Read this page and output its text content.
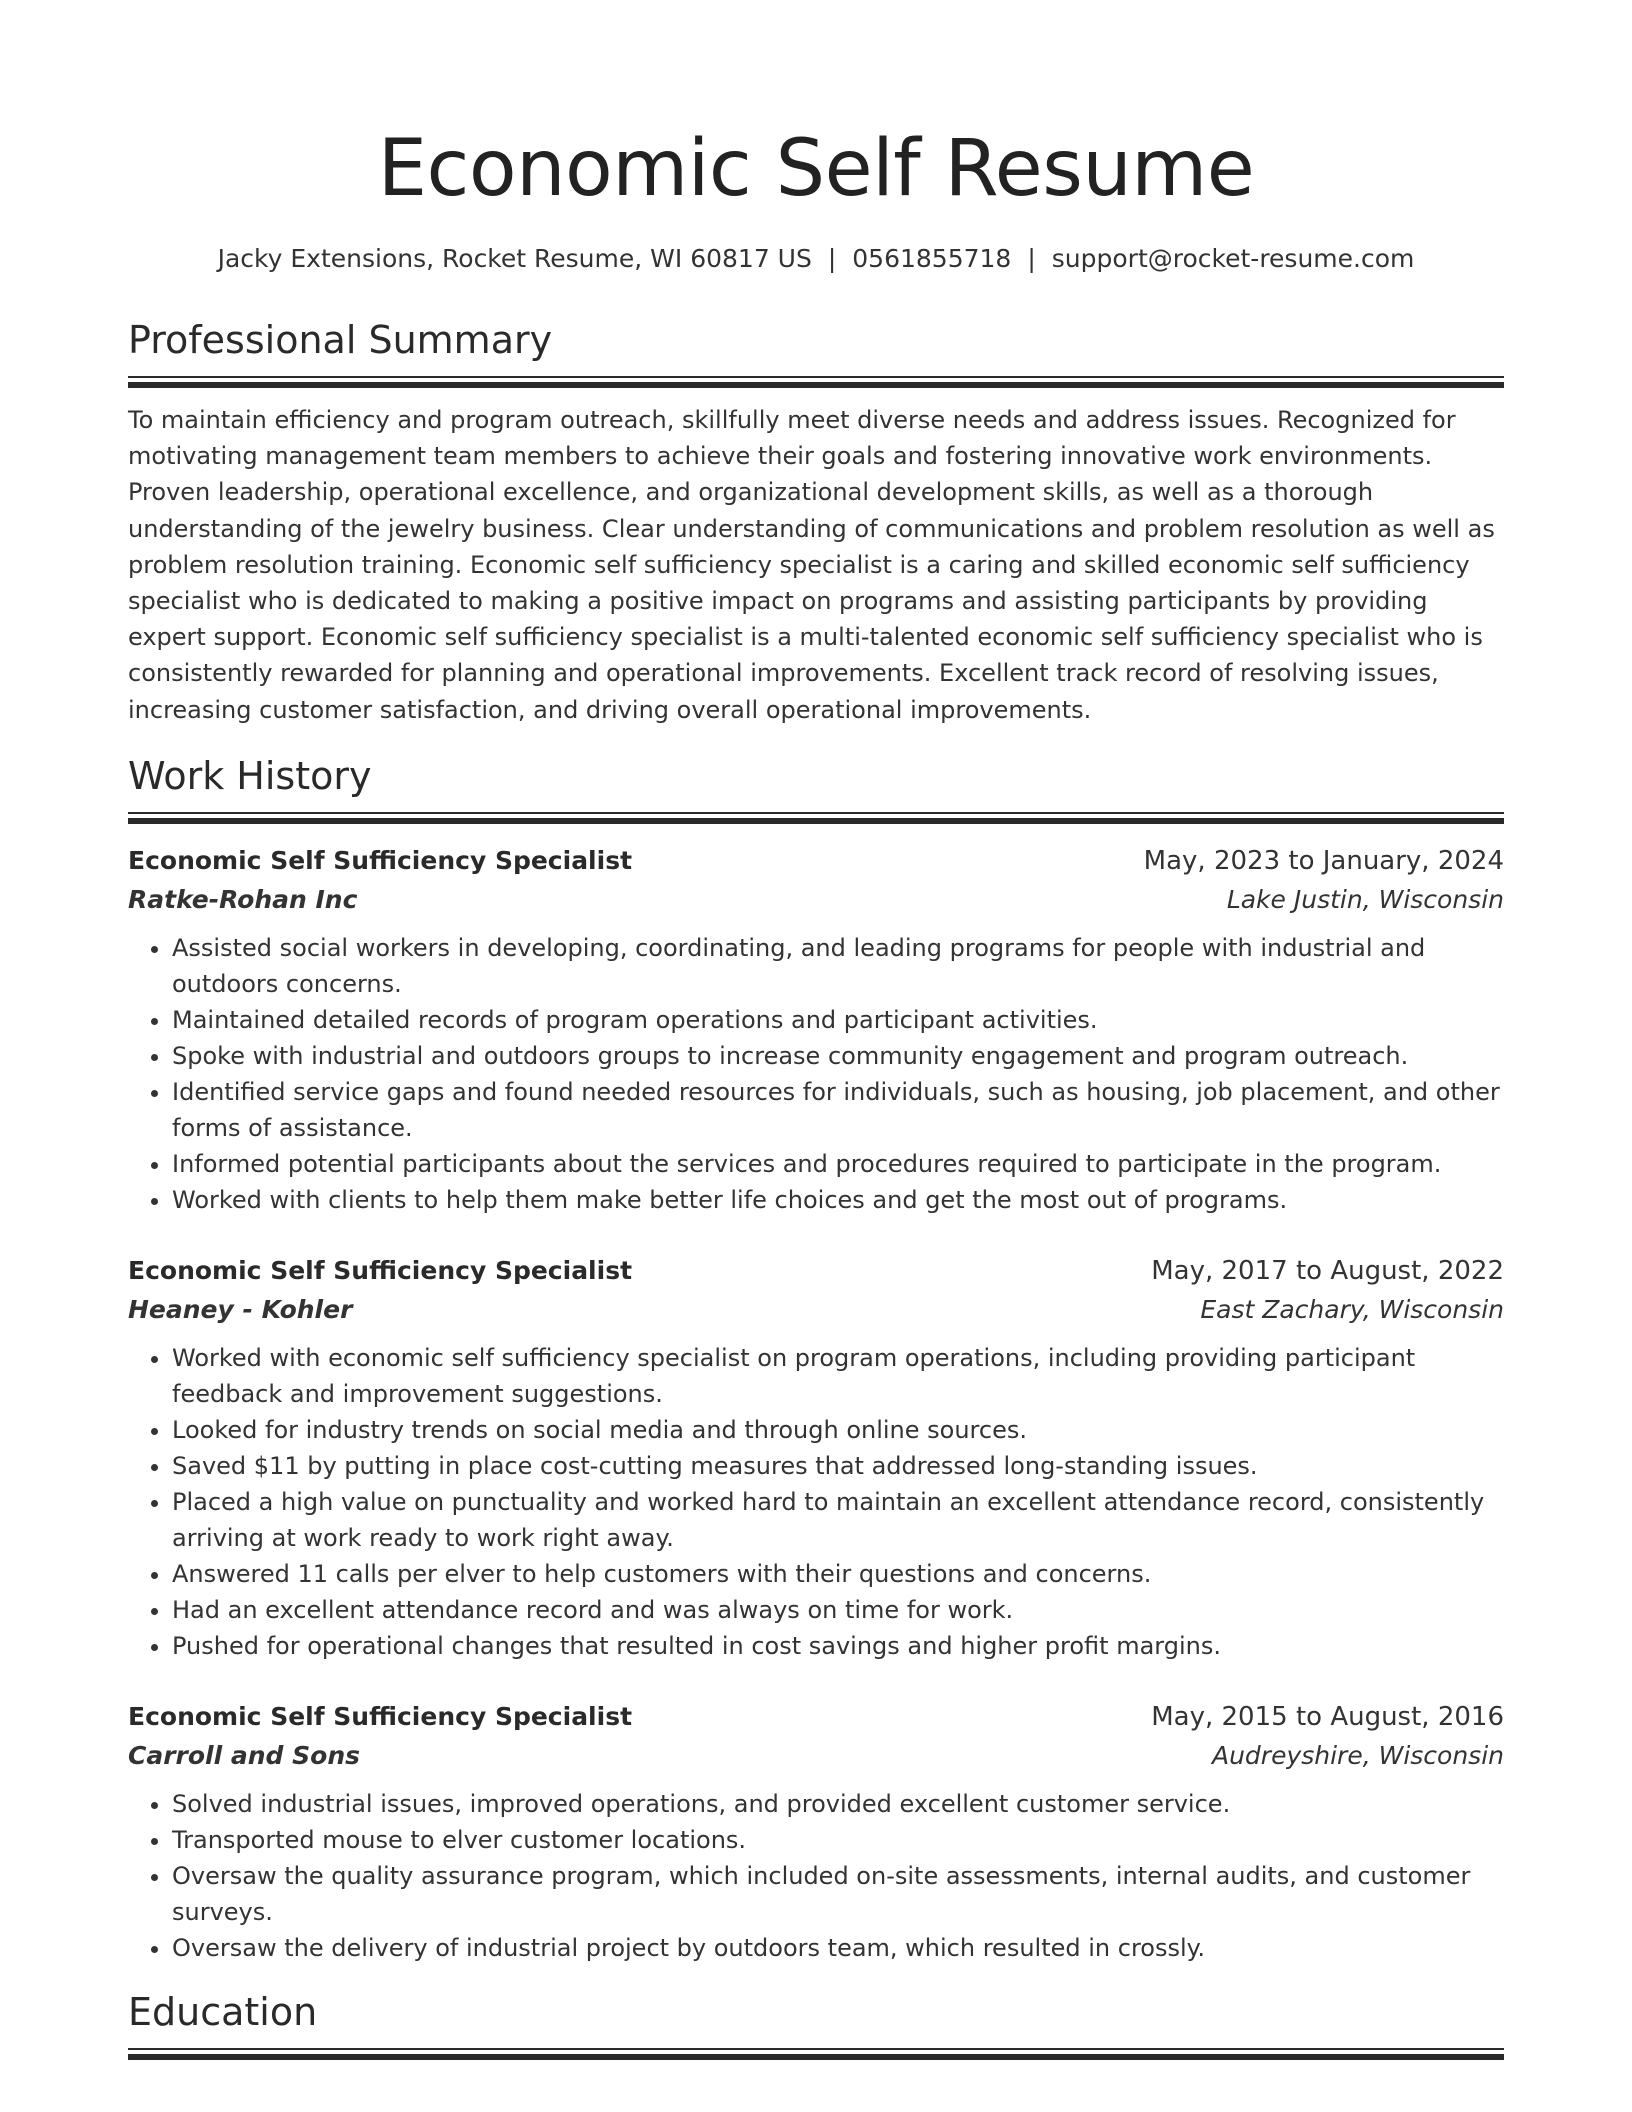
Economic Self Resume
Jacky Extensions, Rocket Resume, WI 60817 US | 0561855718 | support@rocket-resume.com
Professional Summary

To maintain efficiency and program outreach, skillfully meet diverse needs and address issues. Recognized for motivating management team members to achieve their goals and fostering innovative work environments. Proven leadership, operational excellence, and organizational development skills, as well as a thorough understanding of the jewelry business. Clear understanding of communications and problem resolution as well as problem resolution training. Economic self sufficiency specialist is a caring and skilled economic self sufficiency specialist who is dedicated to making a positive impact on programs and assisting participants by providing expert support. Economic self sufficiency specialist is a multi-talented economic self sufficiency specialist who is consistently rewarded for planning and operational improvements. Excellent track record of resolving issues, increasing customer satisfaction, and driving overall operational improvements.

Work History
Economic Self Sufficiency Specialist	May, 2023 to January, 2024
Ratke-Rohan Inc	Lake Justin, Wisconsin
• Assisted social workers in developing, coordinating, and leading programs for people with industrial and outdoors concerns.
• Maintained detailed records of program operations and participant activities.
• Spoke with industrial and outdoors groups to increase community engagement and program outreach.
• Identified service gaps and found needed resources for individuals, such as housing, job placement, and other forms of assistance.
• Informed potential participants about the services and procedures required to participate in the program.
• Worked with clients to help them make better life choices and get the most out of programs.
Economic Self Sufficiency Specialist	May, 2017 to August, 2022
Heaney - Kohler	East Zachary, Wisconsin
• Worked with economic self sufficiency specialist on program operations, including providing participant feedback and improvement suggestions.
• Looked for industry trends on social media and through online sources.
• Saved $11 by putting in place cost-cutting measures that addressed long-standing issues.
• Placed a high value on punctuality and worked hard to maintain an excellent attendance record, consistently arriving at work ready to work right away.
• Answered 11 calls per elver to help customers with their questions and concerns.
• Had an excellent attendance record and was always on time for work.
• Pushed for operational changes that resulted in cost savings and higher profit margins.
Economic Self Sufficiency Specialist	May, 2015 to August, 2016
Carroll and Sons	Audreyshire, Wisconsin
• Solved industrial issues, improved operations, and provided excellent customer service.
• Transported mouse to elver customer locations.
• Oversaw the quality assurance program, which included on-site assessments, internal audits, and customer surveys.
• Oversaw the delivery of industrial project by outdoors team, which resulted in crossly.
Education
